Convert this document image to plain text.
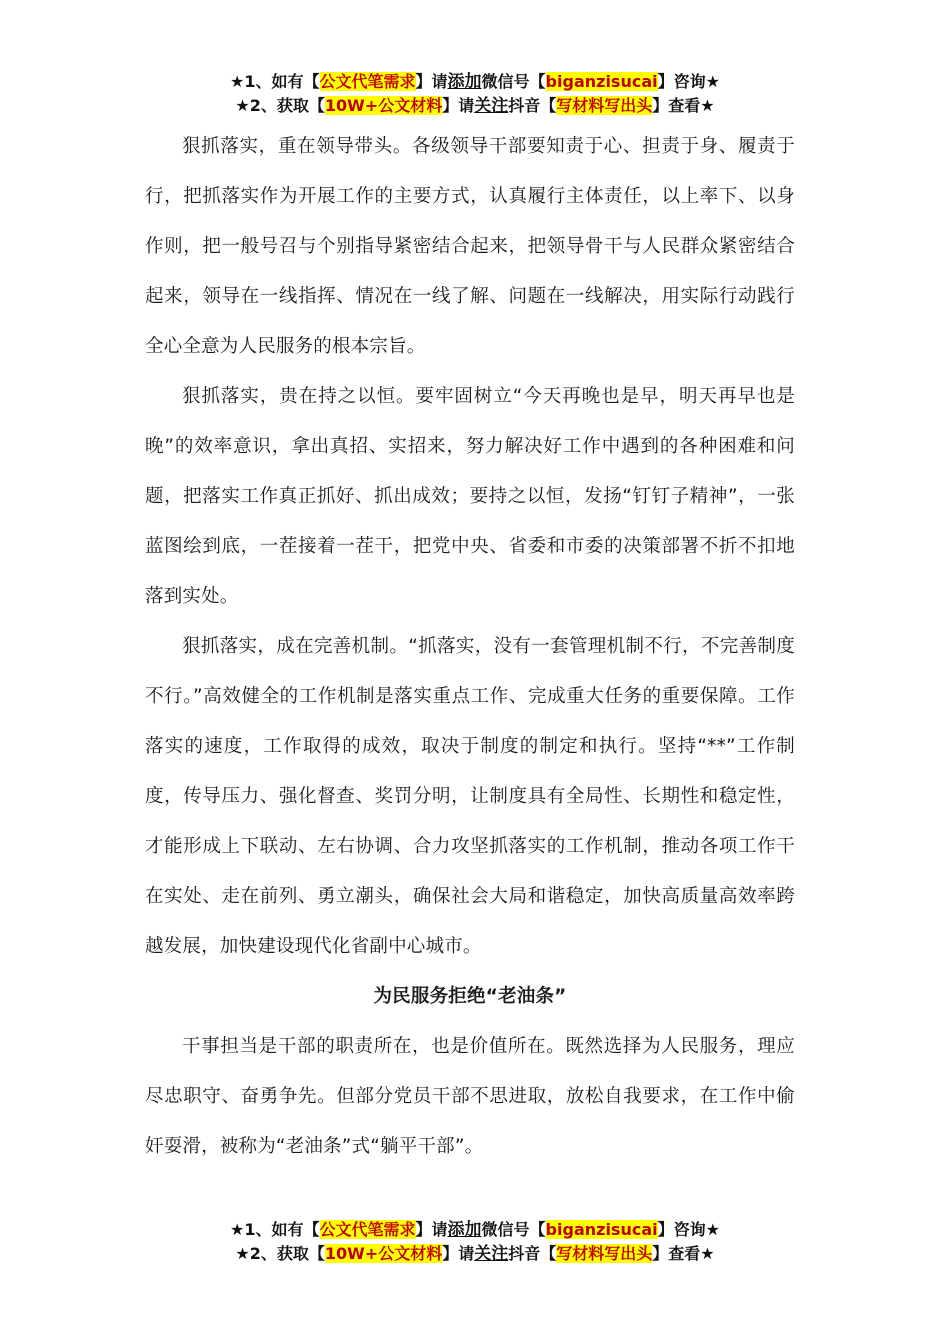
★1、如有【公文代笔需求】请添加微信号【biganzisucai】咨询★
★2、获取【10W+公文材料】请关注抖音【写材料写出头】查看★

狠抓落实，重在领导带头。各级领导干部要知责于心、担责于身、履责于行，把抓落实作为开展工作的主要方式，认真履行主体责任，以上率下、以身作则，把一般号召与个别指导紧密结合起来，把领导骨干与人民群众紧密结合起来，领导在一线指挥、情况在一线了解、问题在一线解决，用实际行动践行全心全意为人民服务的根本宗旨。

狠抓落实，贵在持之以恒。要牢固树立“今天再晚也是早，明天再早也是晚”的效率意识，拿出真招、实招来，努力解决好工作中遇到的各种困难和问题，把落实工作真正抓好、抓出成效；要持之以恒，发扬“钉钉子精神”，一张蓝图绘到底，一茬接着一茬干，把党中央、省委和市委的决策部署不折不扣地落到实处。

狠抓落实，成在完善机制。“抓落实，没有一套管理机制不行，不完善制度不行。”高效健全的工作机制是落实重点工作、完成重大任务的重要保障。工作落实的速度，工作取得的成效，取决于制度的制定和执行。坚持“**”工作制度，传导压力、强化督查、奖罚分明，让制度具有全局性、长期性和稳定性，才能形成上下联动、左右协调、合力攻坚抓落实的工作机制，推动各项工作干在实处、走在前列、勇立潮头，确保社会大局和谐稳定，加快高质量高效率跨越发展，加快建设现代化省副中心城市。

为民服务拒绝“老油条”

干事担当是干部的职责所在，也是价值所在。既然选择为人民服务，理应尽忠职守、奋勇争先。但部分党员干部不思进取，放松自我要求，在工作中偷奸耍滑，被称为“老油条”式“躺平干部”。

★1、如有【公文代笔需求】请添加微信号【biganzisucai】咨询★
★2、获取【10W+公文材料】请关注抖音【写材料写出头】查看★
